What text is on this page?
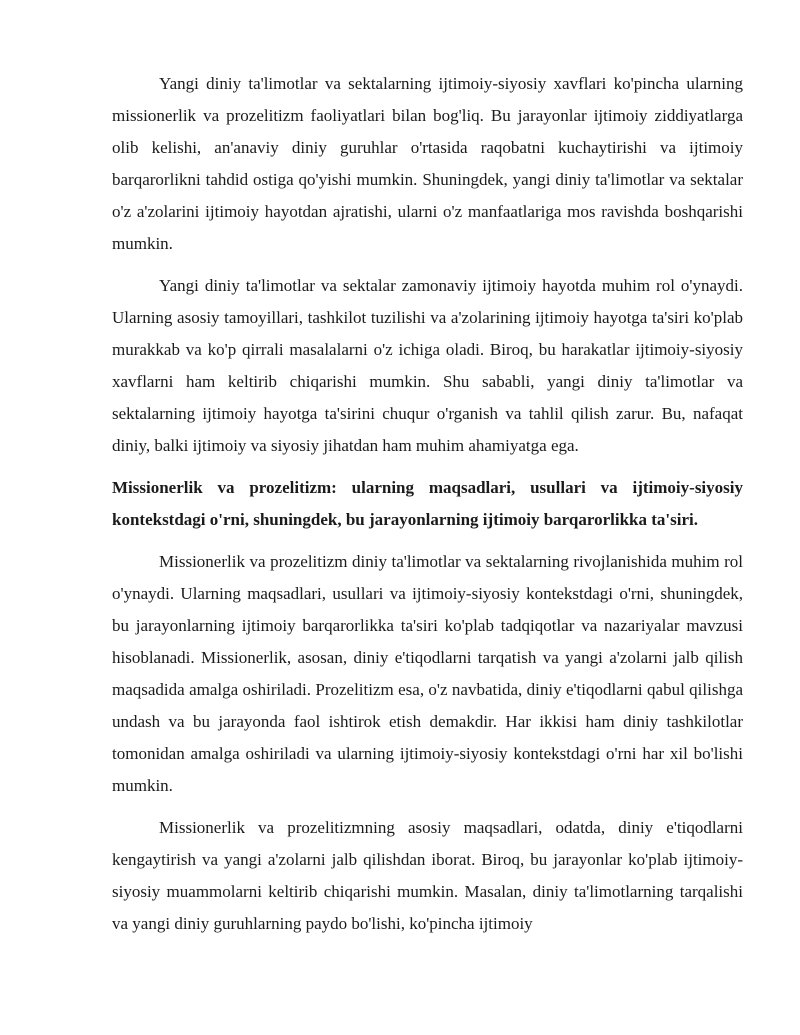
Yangi diniy ta'limotlar va sektalarning ijtimoiy-siyosiy xavflari ko'pincha ularning missionerlik va prozelitizm faoliyatlari bilan bog'liq. Bu jarayonlar ijtimoiy ziddiyatlarga olib kelishi, an'anaviy diniy guruhlar o'rtasida raqobatni kuchaytirishi va ijtimoiy barqarorlikni tahdid ostiga qo'yishi mumkin. Shuningdek, yangi diniy ta'limotlar va sektalar o'z a'zolarini ijtimoiy hayotdan ajratishi, ularni o'z manfaatlariga mos ravishda boshqarishi mumkin.

Yangi diniy ta'limotlar va sektalar zamonaviy ijtimoiy hayotda muhim rol o'ynaydi. Ularning asosiy tamoyillari, tashkilot tuzilishi va a'zolarining ijtimoiy hayotga ta'siri ko'plab murakkab va ko'p qirrali masalalarni o'z ichiga oladi. Biroq, bu harakatlar ijtimoiy-siyosiy xavflarni ham keltirib chiqarishi mumkin. Shu sababli, yangi diniy ta'limotlar va sektalarning ijtimoiy hayotga ta'sirini chuqur o'rganish va tahlil qilish zarur. Bu, nafaqat diniy, balki ijtimoiy va siyosiy jihatdan ham muhim ahamiyatga ega.

Missionerlik va prozelitizm: ularning maqsadlari, usullari va ijtimoiy-siyosiy kontekstdagi o'rni, shuningdek, bu jarayonlarning ijtimoiy barqarorlikka ta'siri.

Missionerlik va prozelitizm diniy ta'limotlar va sektalarning rivojlanishida muhim rol o'ynaydi. Ularning maqsadlari, usullari va ijtimoiy-siyosiy kontekstdagi o'rni, shuningdek, bu jarayonlarning ijtimoiy barqarorlikka ta'siri ko'plab tadqiqotlar va nazariyalar mavzusi hisoblanadi. Missionerlik, asosan, diniy e'tiqodlarni tarqatish va yangi a'zolarni jalb qilish maqsadida amalga oshiriladi. Prozelitizm esa, o'z navbatida, diniy e'tiqodlarni qabul qilishga undash va bu jarayonda faol ishtirok etish demakdir. Har ikkisi ham diniy tashkilotlar tomonidan amalga oshiriladi va ularning ijtimoiy-siyosiy kontekstdagi o'rni har xil bo'lishi mumkin.

Missionerlik va prozelitizmning asosiy maqsadlari, odatda, diniy e'tiqodlarni kengaytirish va yangi a'zolarni jalb qilishdan iborat. Biroq, bu jarayonlar ko'plab ijtimoiy-siyosiy muammolarni keltirib chiqarishi mumkin. Masalan, diniy ta'limotlarning tarqalishi va yangi diniy guruhlarning paydo bo'lishi, ko'pincha ijtimoiy
